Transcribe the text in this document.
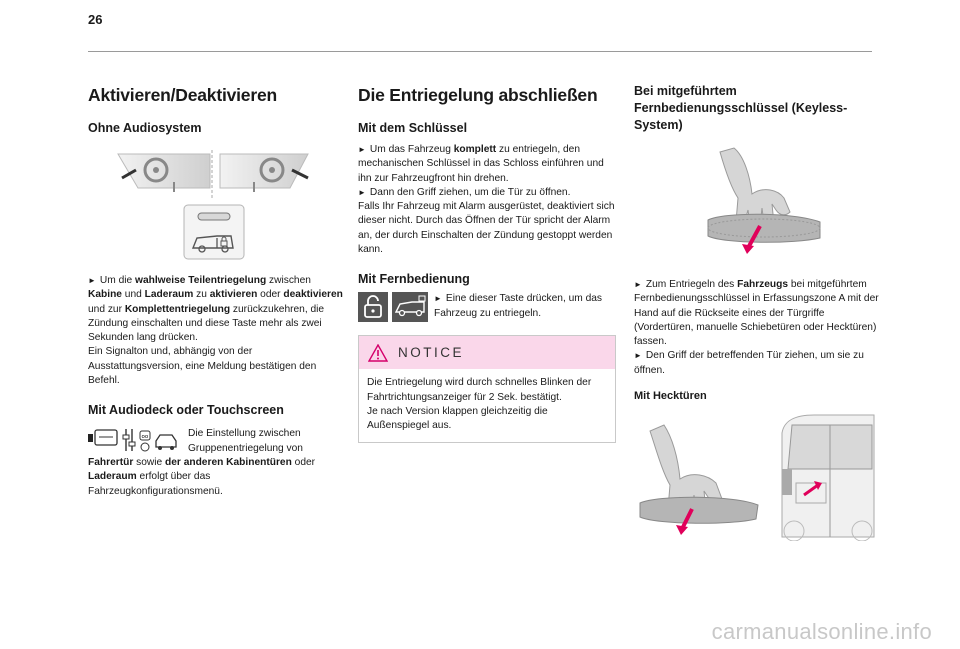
26
Aktivieren/Deaktivieren
Ohne Audiosystem

► Um die wahlweise Teilentriegelung zwischen Kabine und Laderaum zu aktivieren oder deaktivieren und zur Komplettentriegelung zurückzukehren, die Zündung einschalten und diese Taste mehr als zwei Sekunden lang drücken.

Ein Signalton und, abhängig von der Ausstattungsversion, eine Meldung bestätigen den Befehl.

Mit Audiodeck oder Touchscreen
oo	Die Einstellung zwischen Gruppenentriegelung von

Fahrertür sowie der anderen Kabinentüren oder Laderaum erfolgt über das Fahrzeugkonfigurationsmenü.

Die Entriegelung abschließen
Mit dem Schlüssel

► Um das Fahrzeug komplett zu entriegeln, den mechanischen Schlüssel in das Schloss einführen und ihn zur Fahrzeugfront hin drehen.

► Dann den Griff ziehen, um die Tür zu öffnen.

Falls Ihr Fahrzeug mit Alarm ausgerüstet, deaktiviert sich dieser nicht. Durch das Öffnen der Tür spricht der Alarm an, der durch Einschalten der Zündung gestoppt werden kann.

Mit Fernbedienung

► Eine dieser Taste drücken, um das Fahrzeug zu entriegeln.

NOTICE

Die Entriegelung wird durch schnelles Blinken der Fahrtrichtungsanzeiger für 2 Sek. bestätigt.

Je nach Version klappen gleichzeitig die Außenspiegel aus.

Bei mitgeführtem Fernbedienungsschlüssel (Keyless-System)

► Zum Entriegeln des Fahrzeugs bei mitgeführtem Fernbedienungsschlüssel in Erfassungszone A mit der Hand auf die Rückseite eines der Türgriffe (Vordertüren, manuelle Schiebetüren oder Hecktüren) fassen.

► Den Griff der betreffenden Tür ziehen, um sie zu öffnen.

Mit Hecktüren
carmanualsonline.info
